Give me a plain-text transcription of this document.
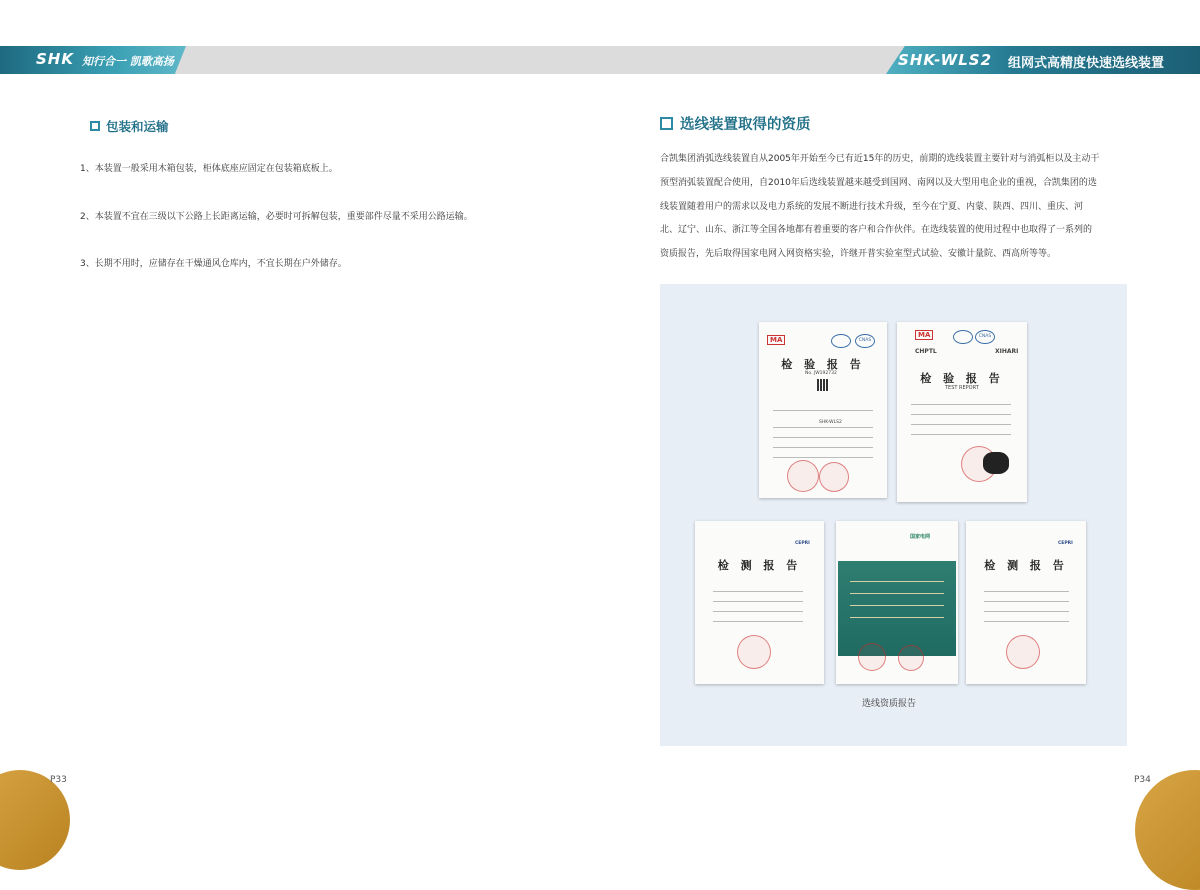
SHK 知行合一 凯歌高扬	SHK-WLS2 组网式高精度快速选线装置
包装和运输
1、本装置一般采用木箱包装，柜体底座应固定在包装箱底板上。
2、本装置不宜在三级以下公路上长距离运输，必要时可拆解包装，重要部件尽量不采用公路运输。
3、长期不用时，应储存在干燥通风仓库内，不宜长期在户外储存。
选线装置取得的资质
合凯集团消弧选线装置自从2005年开始至今已有近15年的历史，前期的选线装置主要针对与消弧柜以及主动干
预型消弧装置配合使用，自2010年后选线装置越来越受到国网、南网以及大型用电企业的重视，合凯集团的选
线装置随着用户的需求以及电力系统的发展不断进行技术升级，至今在宁夏、内蒙、陕西、四川、重庆、河
北、辽宁、山东、浙江等全国各地都有着重要的客户和合作伙伴。在选线装置的使用过程中也取得了一系列的
资质报告，先后取得国家电网入网资格实验，许继开普实验室型式试验、安徽计量院、西高所等等。
MA	CNAS
检 验 报 告
No. JW192732
SHK-WLS2
MA	CNAS
CHPTL	XIHARI
检 验 报 告
TEST REPORT
CEPRI
检 测 报 告
国家电网
CEPRI
检 测 报 告
选线资质报告
P33	P34
